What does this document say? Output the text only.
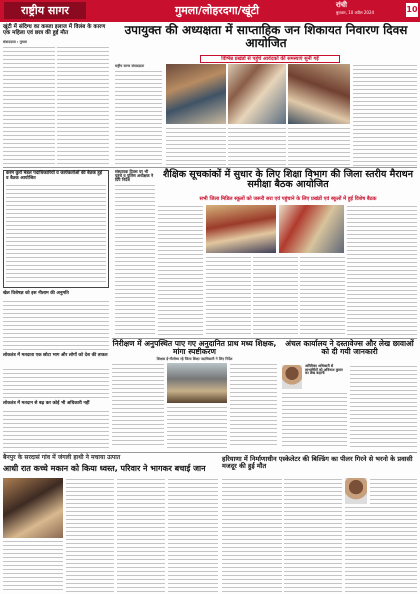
राष्ट्रीय सागर	गुमला/लोहरदगा/खूंटी	रांची
बुधवार, 10 अप्रैल 2024	10
खूंटी में संदिग्ध का कब्जा इलाज में विलंब के कारण एक महिला एवं छात्र की हुई मौत
संवाददाता : गुमला
उपायुक्त की अध्यक्षता में साप्ताहिक जन शिकायत निवारण दिवस आयोजित
विभिन्न प्रखंडों से पहुंचे आवेदकों की समस्याएं सुनी गईं
राष्ट्रीय सागर संवाददाता
करम कुर्रा मंडल पदाधिकारियों व कार्यकर्ताओं की बैठक हुई व बैठक आयोजित
संस्थापक दिवस पर भी पहुंचे व पुलिस अधीक्षक ने दिये निर्देश	शैक्षिक सूचकांकों में सुधार के लिए शिक्षा विभाग की जिला स्तरीय मैराथन समीक्षा बैठक आयोजित
सभी जिला मिडिल स्कूलों को जरूरी सरा एवं पहुंचाने के लिए प्रखंडों एवं स्कूलों में हुई विशेष बैठक
खेल विशेषज्ञ को इस नीलाम की अनुमति
लोकतंत्र में मतदाता एक छोटा भाग और लोगों को देश की ताकत
लोकतंत्र में मतदान से बढ़ कर कोई भी अधिकारी नहीं
निरीक्षण में अनुपस्थित पाए गए अनुदानित प्राथ मध्य शिक्षक, मांगा स्पष्टीकरण
शिक्षक ई-नीलोथ्य रहे जिला शिक्षा पदाधिकारी ने लिए निर्देश
अंचल कार्यालय ने दस्तावेज्स और लेख छावाओं को दी गयी जानकारी
अतिरिक्त अधिकारी से लाभार्थियों को अविनाश कुमार का लेख कहानी
बैनपुर के सरदासं गांव में जंगली हाथी ने मचाया उत्पात
आधी रात कच्चे मकान को किया ध्वस्त, परिवार ने भागकर बचाई जान
हरियाणा में निर्माणाधीन एस्केलेटर की बिल्डिंग का पीलर गिरने से भरनो के प्रवासी मजदूर की हुई मौत
